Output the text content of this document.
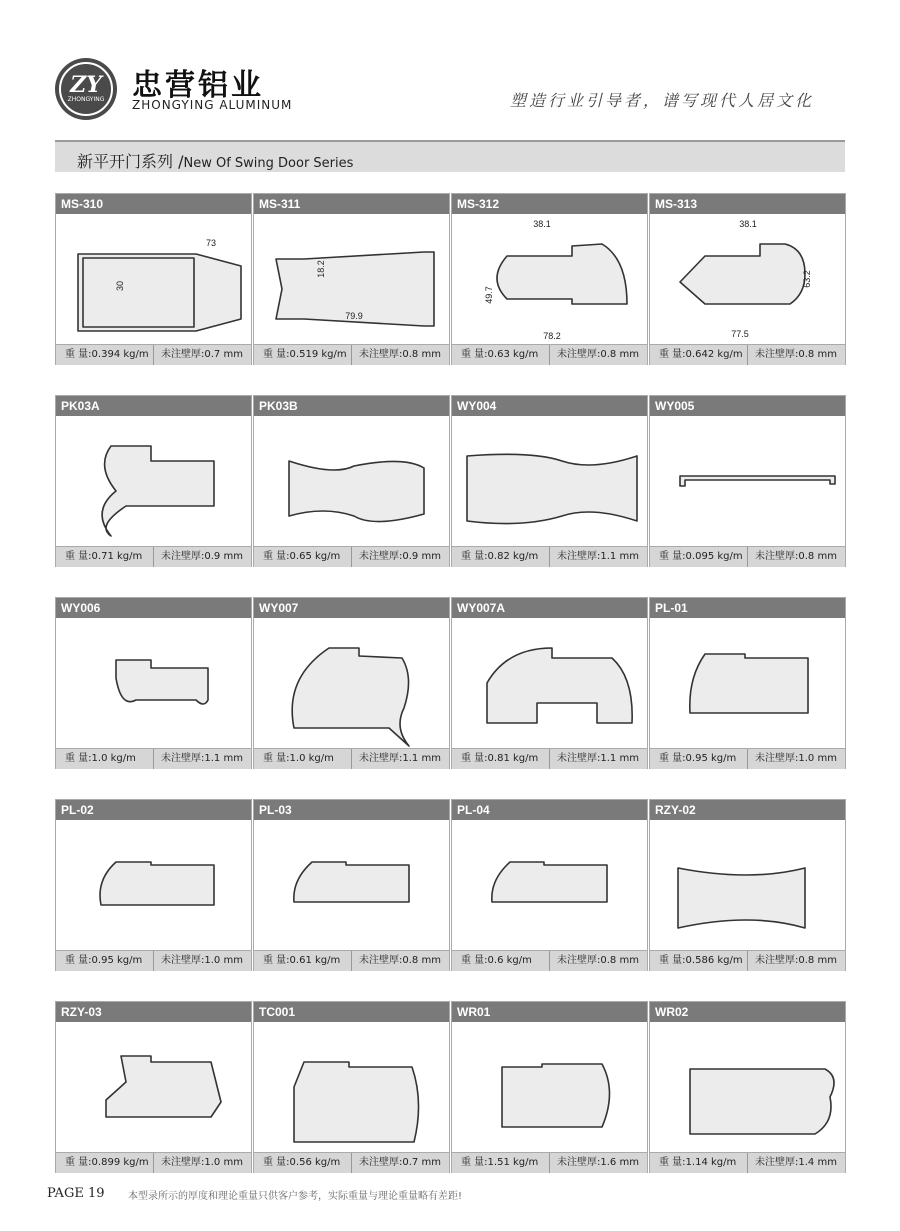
ZY
ZHONGYING 忠营铝业
ZHONGYING ALUMINUM	塑造行业引导者，谱写现代人居文化
新平开门系列 /New Of Swing Door Series
MS-310
73
30
重 量:0.394 kg/m	未注壁厚:0.7 mm
MS-311
18.2
79.9
重 量:0.519 kg/m	未注壁厚:0.8 mm
MS-312
38.1
49.7
78.2
重 量:0.63 kg/m	未注壁厚:0.8 mm
MS-313
38.1
63.2
77.5
重 量:0.642 kg/m	未注壁厚:0.8 mm
PK03A
重 量:0.71 kg/m	未注壁厚:0.9 mm
PK03B
重 量:0.65 kg/m	未注壁厚:0.9 mm
WY004
重 量:0.82 kg/m	未注壁厚:1.1 mm
WY005
重 量:0.095 kg/m	未注壁厚:0.8 mm
WY006
重 量:1.0 kg/m	未注壁厚:1.1 mm
WY007
重 量:1.0 kg/m	未注壁厚:1.1 mm
WY007A
重 量:0.81 kg/m	未注壁厚:1.1 mm
PL-01
重 量:0.95 kg/m	未注壁厚:1.0 mm
PL-02
重 量:0.95 kg/m	未注壁厚:1.0 mm
PL-03
重 量:0.61 kg/m	未注壁厚:0.8 mm
PL-04
重 量:0.6 kg/m	未注壁厚:0.8 mm
RZY-02
重 量:0.586 kg/m	未注壁厚:0.8 mm
RZY-03
重 量:0.899 kg/m	未注壁厚:1.0 mm
TC001
重 量:0.56 kg/m	未注壁厚:0.7 mm
WR01
重 量:1.51 kg/m	未注壁厚:1.6 mm
WR02
重 量:1.14 kg/m	未注壁厚:1.4 mm
PAGE 19 本型录所示的厚度和理论重量只供客户参考，实际重量与理论重量略有差距!
